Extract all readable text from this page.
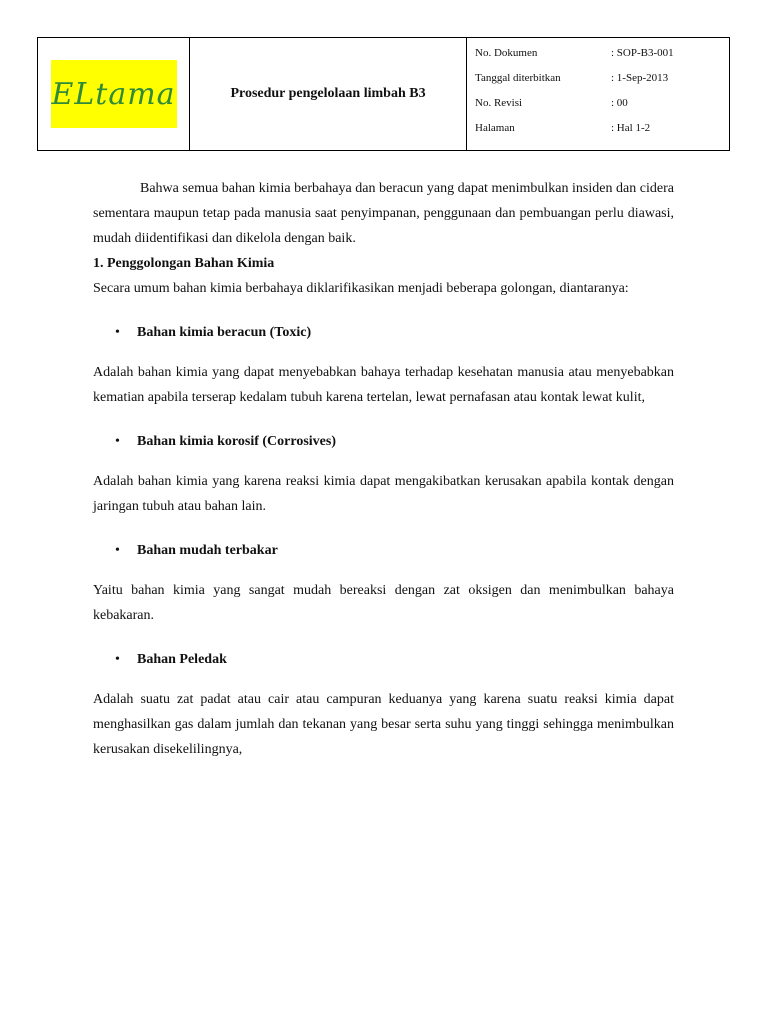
ELtama	Prosedur pengelolaan limbah B3
No. Dokumen	: SOP-B3-001
Tanggal diterbitkan	: 1-Sep-2013
No. Revisi	: 00
Halaman	: Hal 1-2

Bahwa semua bahan kimia berbahaya dan beracun yang dapat menimbulkan insiden dan cidera sementara maupun tetap pada manusia saat penyimpanan, penggunaan dan pembuangan perlu diawasi, mudah diidentifikasi dan dikelola dengan baik.

1. Penggolongan Bahan Kimia

Secara umum bahan kimia berbahaya diklarifikasikan menjadi beberapa golongan, diantaranya:

•	Bahan kimia beracun (Toxic)

Adalah bahan kimia yang dapat menyebabkan bahaya terhadap kesehatan manusia atau menyebabkan kematian apabila terserap kedalam tubuh karena tertelan, lewat pernafasan atau kontak lewat kulit,

•	Bahan kimia korosif (Corrosives)

Adalah bahan kimia yang karena reaksi kimia dapat mengakibatkan kerusakan apabila kontak dengan jaringan tubuh atau bahan lain.

•	Bahan mudah terbakar

Yaitu bahan kimia yang sangat mudah bereaksi dengan zat oksigen dan menimbulkan bahaya kebakaran.

•	Bahan Peledak

Adalah suatu zat padat atau cair atau campuran keduanya yang karena suatu reaksi kimia dapat menghasilkan gas dalam jumlah dan tekanan yang besar serta suhu yang tinggi sehingga menimbulkan kerusakan disekelilingnya,
